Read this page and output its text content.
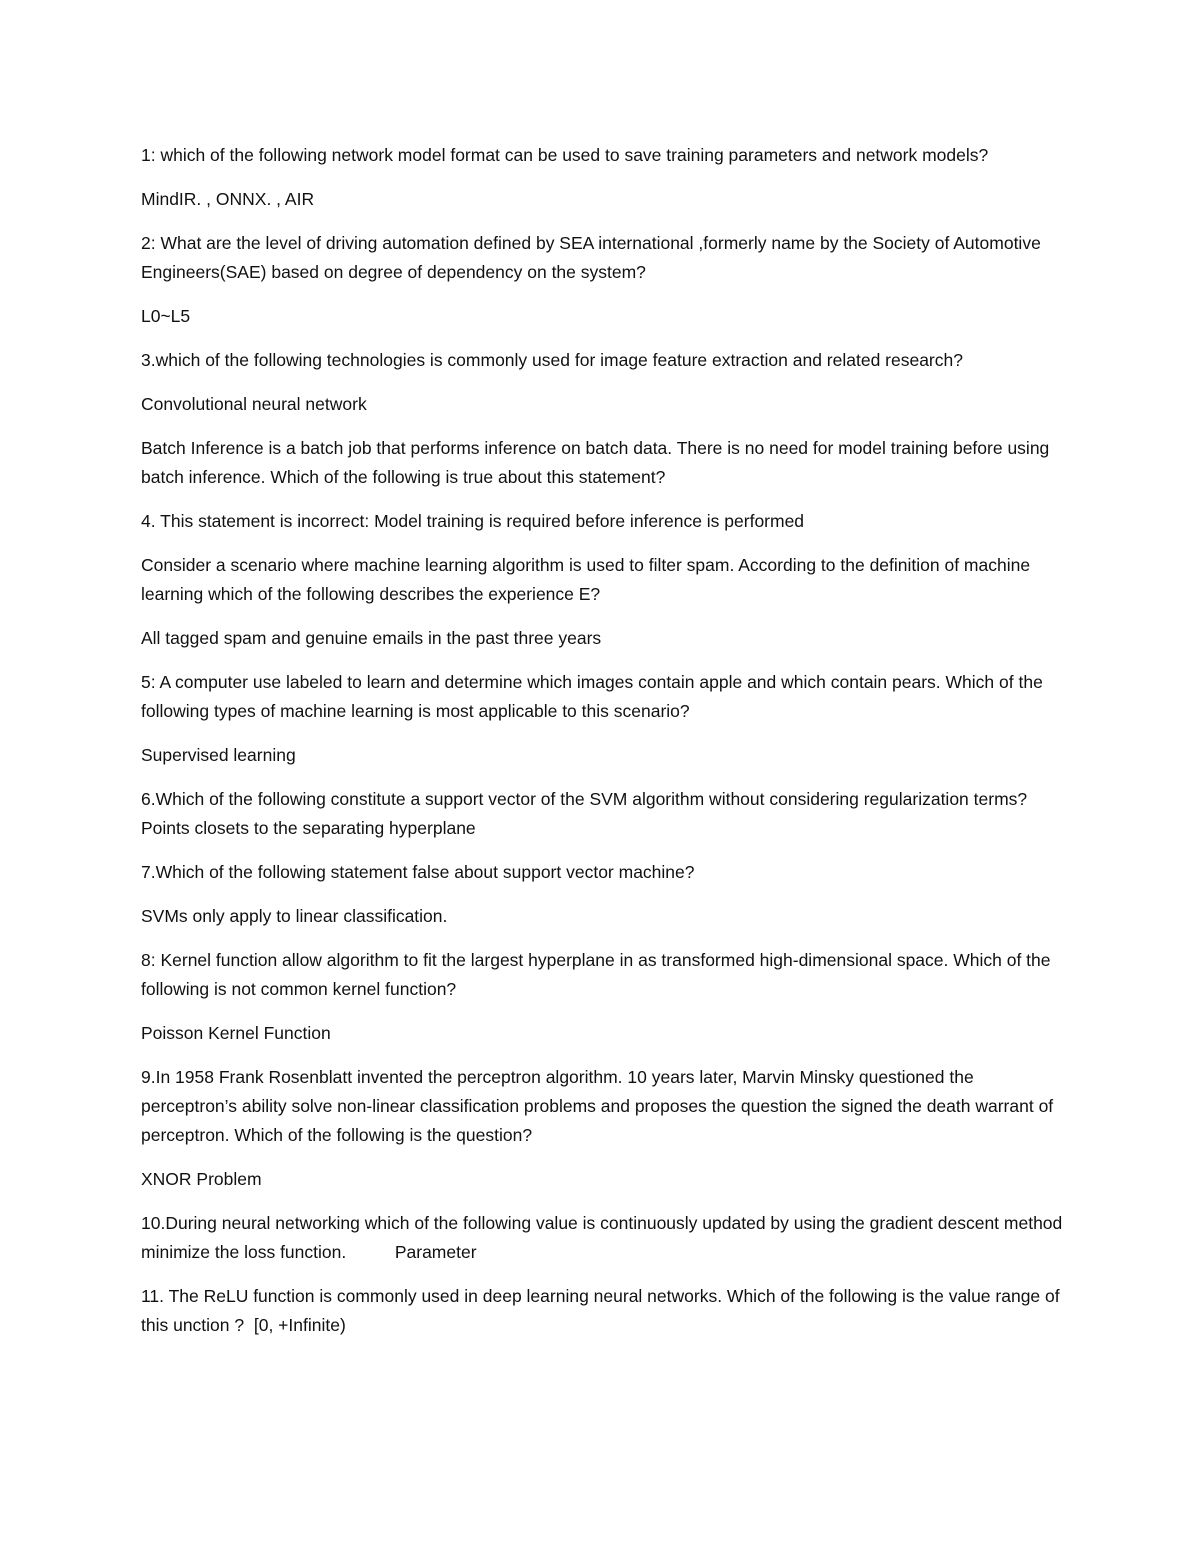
1: which of the following network model format can be used to save training parameters and network models?

MindIR. , ONNX. , AIR

2: What are the level of driving automation defined by SEA international ,formerly name by the Society of Automotive Engineers(SAE) based on degree of dependency on the system?

L0~L5

3.which of the following technologies is commonly used for image feature extraction and related research?

Convolutional neural network

Batch Inference is a batch job that performs inference on batch data. There is no need for model training before using batch inference. Which of the following is true about this statement?

4. This statement is incorrect: Model training is required before inference is performed

Consider a scenario where machine learning algorithm is used to filter spam. According to the definition of machine learning which of the following describes the experience E?

All tagged spam and genuine emails in the past three years

5: A computer use labeled to learn and determine which images contain apple and which contain pears. Which of the following types of machine learning is most applicable to this scenario?

Supervised learning

6.Which of the following constitute a support vector of the SVM algorithm without considering regularization terms? Points closets to the separating hyperplane

7.Which of the following statement false about support vector machine?

SVMs only apply to linear classification.

8: Kernel function allow algorithm to fit the largest hyperplane in as transformed high-dimensional space. Which of the following is not common kernel function?

Poisson Kernel Function

9.In 1958 Frank Rosenblatt invented the perceptron algorithm. 10 years later, Marvin Minsky questioned the perceptron’s ability solve non-linear classification problems and proposes the question the signed the death warrant of perceptron. Which of the following is the question?

XNOR Problem

10.During neural networking which of the following value is continuously updated by using the gradient descent method minimize the loss function.          Parameter

11. The ReLU function is commonly used in deep learning neural networks. Which of the following is the value range of this unction ?  [0, +Infinite)
